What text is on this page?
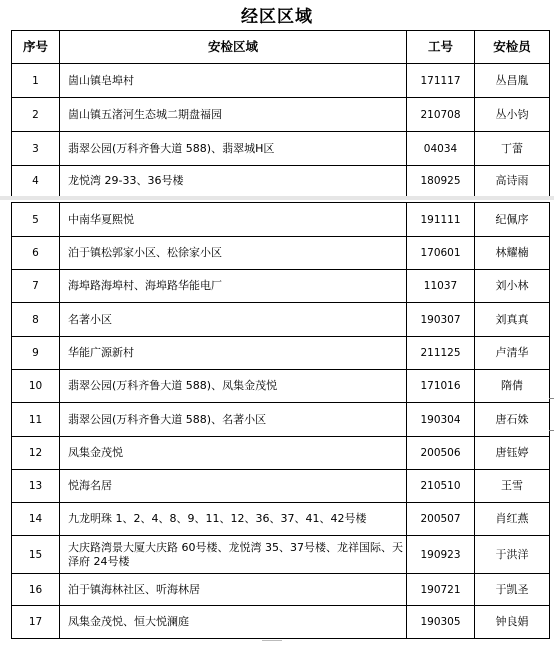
经区区域
序号	安检区域	工号	安检员
1	崮山镇皂埠村	171117	丛昌胤
2	崮山镇五渚河生态城二期盘福园	210708	丛小钧
3	翡翠公园(万科齐鲁大道 588)、翡翠城H区	04034	丁蕾
4	龙悦湾 29-33、36号楼	180925	高诗雨
5	中南华夏熙悦	191111	纪佩序
6	泊于镇松郭家小区、松徐家小区	170601	林耀楠
7	海埠路海埠村、海埠路华能电厂	11037	刘小林
8	名著小区	190307	刘真真
9	华能广源新村	211125	卢清华
10	翡翠公园(万科齐鲁大道 588)、凤集金茂悦	171016	隋倩
11	翡翠公园(万科齐鲁大道 588)、名著小区	190304	唐石姝
12	凤集金茂悦	200506	唐钰婷
13	悦海名居	210510	王雪
14	九龙明珠 1、2、4、8、9、11、12、36、37、41、42号楼	200507	肖红燕
15	大庆路湾景大厦大庆路 60号楼、龙悦湾 35、37号楼、龙祥国际、天泽府 24号楼	190923	于洪洋
16	泊于镇海林社区、听海林居	190721	于凯圣
17	凤集金茂悦、恒大悦澜庭	190305	钟良娟
